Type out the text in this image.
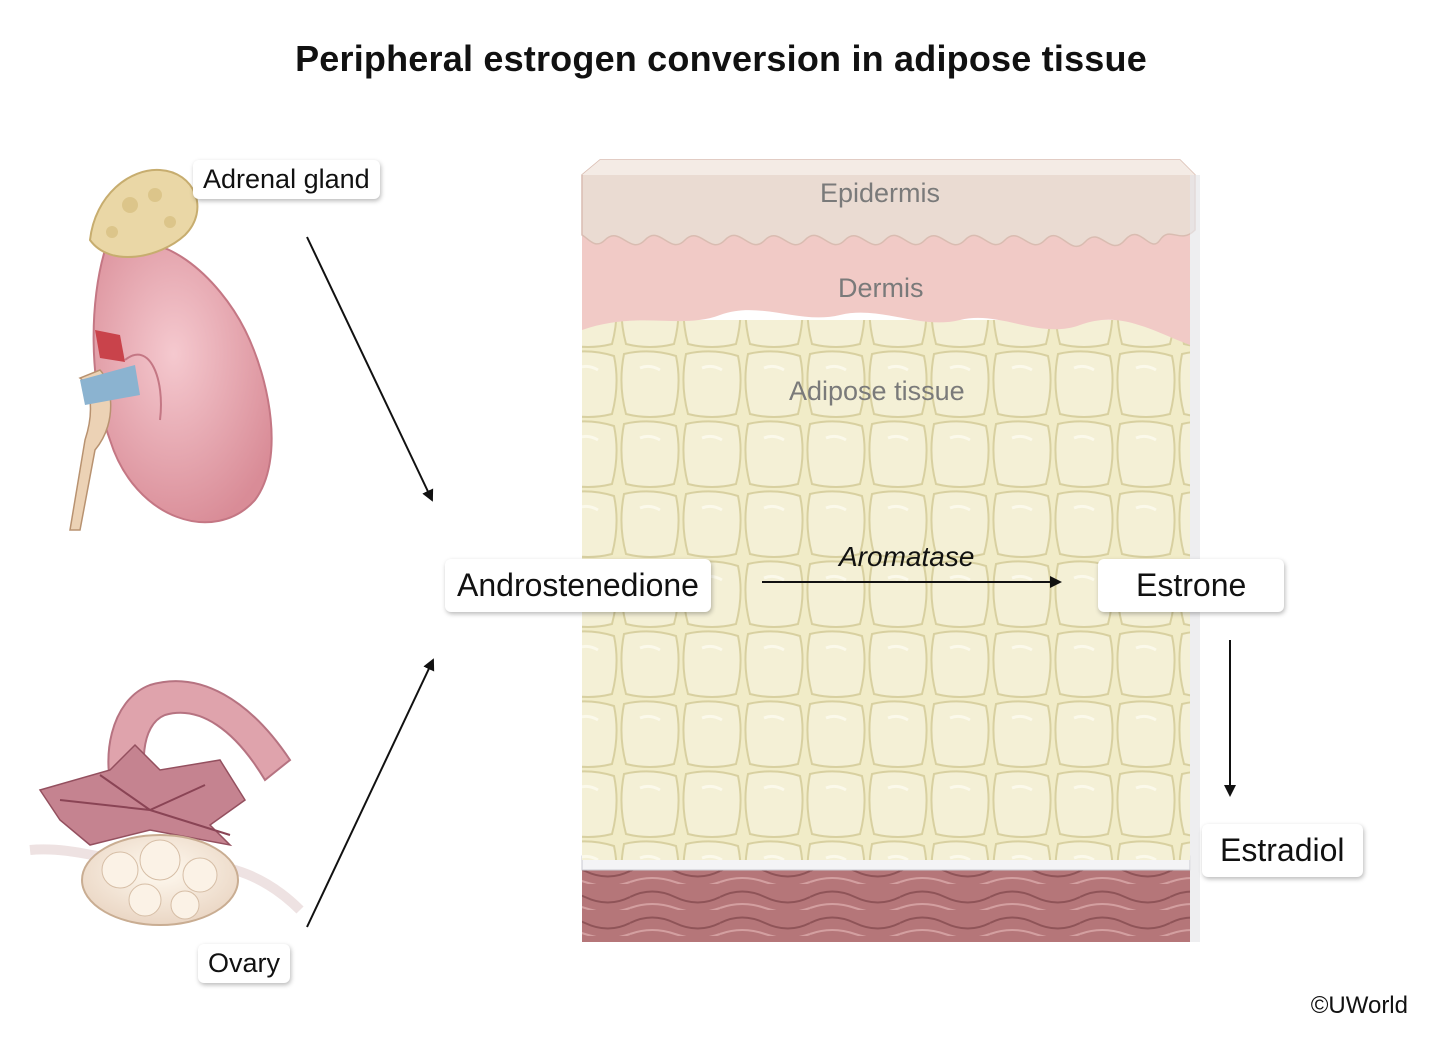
Peripheral estrogen conversion in adipose tissue
Epidermis
Dermis
Adipose tissue
Adrenal gland
Ovary
Androstenedione	Estrone
Estradiol
Aromatase
©UWorld
